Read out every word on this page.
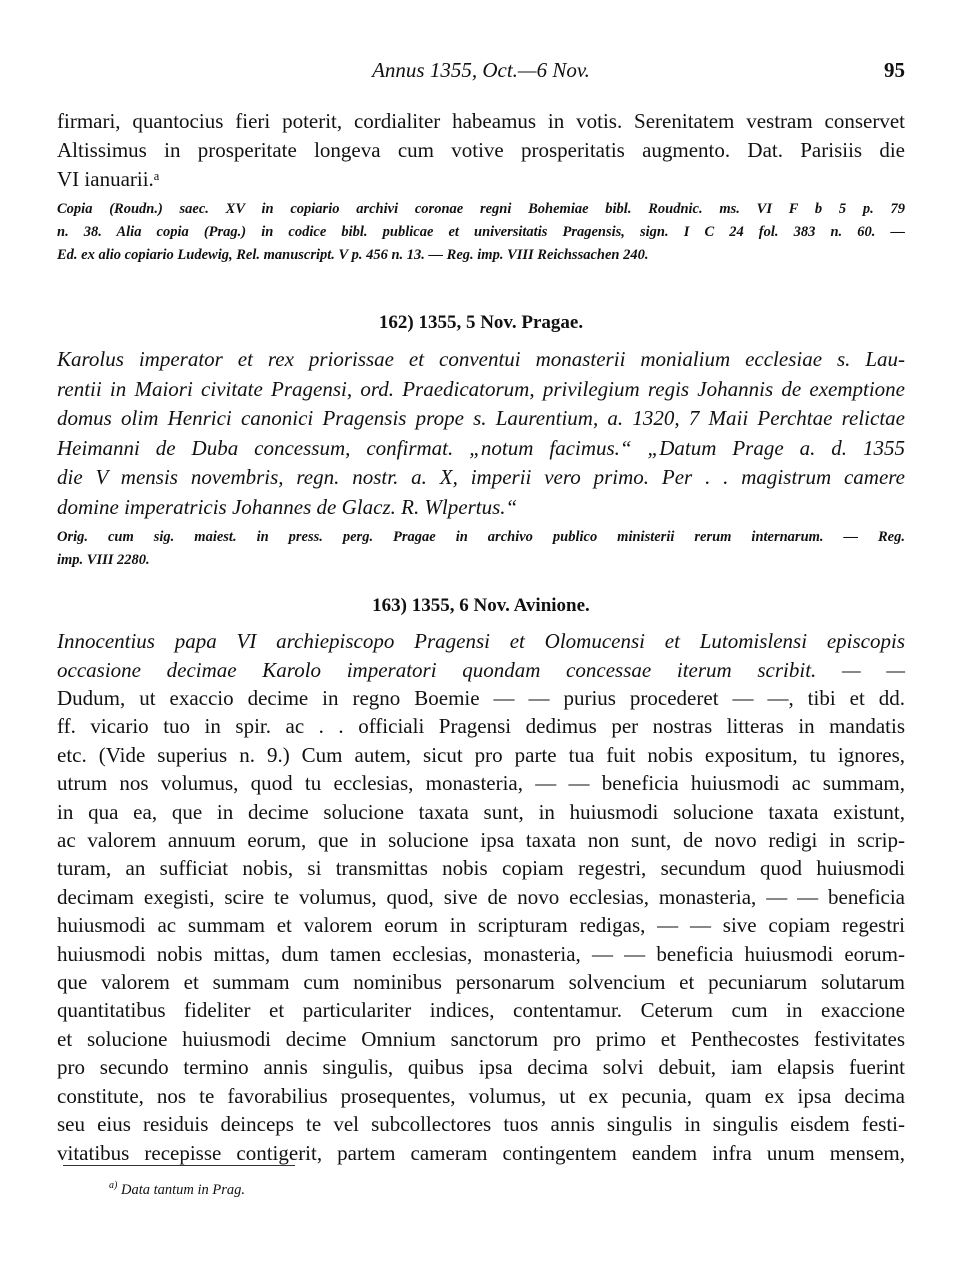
Annus 1355, Oct.—6 Nov.	95
firmari, quantocius fieri poterit, cordialiter habeamus in votis. Serenitatem vestram conservet
Altissimus in prosperitate longeva cum votive prosperitatis augmento. Dat. Parisiis die
VI ianuarii.ᵃ
Copia (Roudn.) saec. XV in copiario archivi coronae regni Bohemiae bibl. Roudnic. ms. VI F b 5 p. 79
n. 38. Alia copia (Prag.) in codice bibl. publicae et universitatis Pragensis, sign. I C 24 fol. 383 n. 60. —
Ed. ex alio copiario Ludewig, Rel. manuscript. V p. 456 n. 13. — Reg. imp. VIII Reichssachen 240.
162) 1355, 5 Nov. Pragae.
Karolus imperator et rex priorissae et conventui monasterii monialium ecclesiae s. Lau-
rentii in Maiori civitate Pragensi, ord. Praedicatorum, privilegium regis Johannis de exemptione
domus olim Henrici canonici Pragensis prope s. Laurentium, a. 1320, 7 Maii Perchtae relictae
Heimanni de Duba concessum, confirmat. „notum facimus.“ „Datum Prage a. d. 1355
die V mensis novembris, regn. nostr. a. X, imperii vero primo. Per . . magistrum camere
domine imperatricis Johannes de Glacz. R. Wlpertus.“
Orig. cum sig. maiest. in press. perg. Pragae in archivo publico ministerii rerum internarum. — Reg.
imp. VIII 2280.
163) 1355, 6 Nov. Avinione.
Innocentius papa VI archiepiscopo Pragensi et Olomucensi et Lutomislensi episcopis
occasione decimae Karolo imperatori quondam concessae iterum scribit. — —
Dudum, ut exaccio decime in regno Boemie — — purius procederet — —, tibi et dd.
ff. vicario tuo in spir. ac . . officiali Pragensi dedimus per nostras litteras in mandatis
etc. (Vide superius n. 9.) Cum autem, sicut pro parte tua fuit nobis expositum, tu ignores,
utrum nos volumus, quod tu ecclesias, monasteria, — — beneficia huiusmodi ac summam,
in qua ea, que in decime solucione taxata sunt, in huiusmodi solucione taxata existunt,
ac valorem annuum eorum, que in solucione ipsa taxata non sunt, de novo redigi in scrip-
turam, an sufficiat nobis, si transmittas nobis copiam regestri, secundum quod huiusmodi
decimam exegisti, scire te volumus, quod, sive de novo ecclesias, monasteria, — — beneficia
huiusmodi ac summam et valorem eorum in scripturam redigas, — — sive copiam regestri
huiusmodi nobis mittas, dum tamen ecclesias, monasteria, — — beneficia huiusmodi eorum-
que valorem et summam cum nominibus personarum solvencium et pecuniarum solutarum
quantitatibus fideliter et particulariter indices, contentamur. Ceterum cum in exaccione
et solucione huiusmodi decime Omnium sanctorum pro primo et Penthecostes festivitates
pro secundo termino annis singulis, quibus ipsa decima solvi debuit, iam elapsis fuerint
constitute, nos te favorabilius prosequentes, volumus, ut ex pecunia, quam ex ipsa decima
seu eius residuis deinceps te vel subcollectores tuos annis singulis in singulis eisdem festi-
vitatibus recepisse contigerit, partem cameram contingentem eandem infra unum mensem,
$^{a)}$ Data tantum in Prag.
